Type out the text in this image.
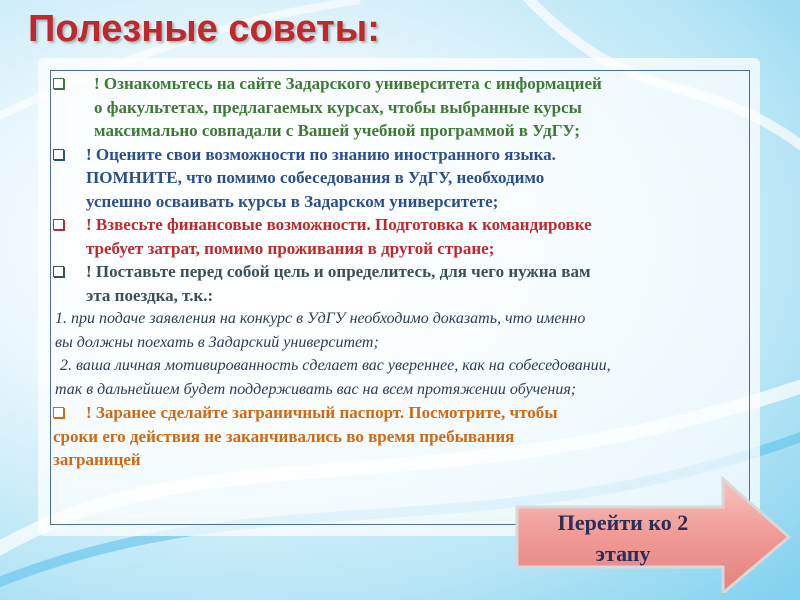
Полезные советы:
! Ознакомьтесь на сайте Задарского университета с информацией
о факультетах, предлагаемых курсах, чтобы выбранные курсы
максимально совпадали с Вашей учебной программой в УдГУ;
! Оцените свои возможности по знанию иностранного языка.
ПОМНИТЕ, что помимо собеседования в УдГУ, необходимо
успешно осваивать курсы в Задарском университете;
! Взвесьте финансовые возможности. Подготовка к командировке
требует затрат, помимо проживания в другой стране;
! Поставьте перед собой цель и определитесь, для чего нужна вам
эта поездка, т.к.:
1. при подаче заявления на конкурс в УдГУ необходимо доказать, что именно
вы должны поехать в Задарский университет;
2. ваша личная мотивированность сделает вас увереннее, как на собеседовании,
так в дальнейшем будет поддерживать вас на всем протяжении обучения;
! Заранее сделайте заграничный паспорт. Посмотрите, чтобы
сроки его действия не заканчивались во время пребывания
заграницей
Перейти ко 2
этапу
